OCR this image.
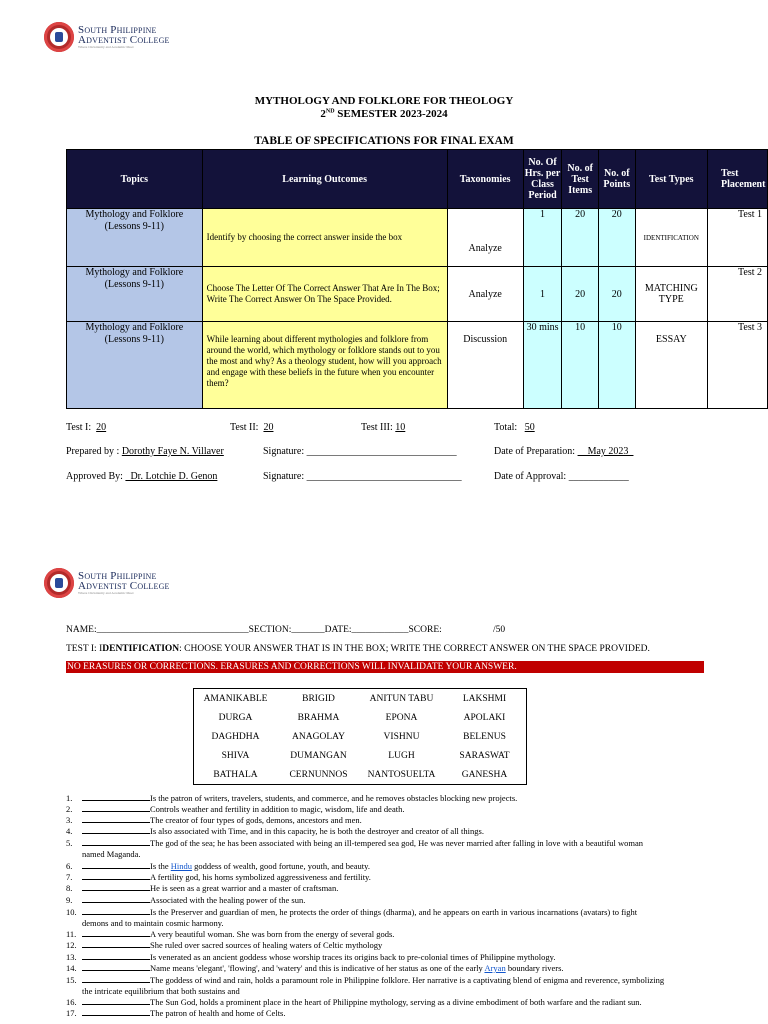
South Philippine
Adventist College
Where Christianity and Academic Meet
MYTHOLOGY AND FOLKLORE FOR THEOLOGY
2ND SEMESTER 2023-2024
TABLE OF SPECIFICATIONS FOR FINAL EXAM
Topics	Learning Outcomes	Taxonomies	No. Of Hrs. per Class Period	No. of Test Items	No. of Points	Test Types	Test Placement
Mythology and Folklore (Lessons 9-11)	Identify by choosing the correct answer inside the box	Analyze	1	20	20	IDENTIFICATION	Test 1
Mythology and Folklore (Lessons 9-11)	Choose The Letter Of The Correct Answer That Are In The Box; Write The Correct Answer On The Space Provided.	Analyze	1	20	20	MATCHING TYPE	Test 2
Mythology and Folklore (Lessons 9-11)	While learning about different mythologies and folklore from around the world, which mythology or folklore stands out to you the most and why? As a theology student, how will you approach and engage with these beliefs in the future when you encounter them?	Discussion	30 mins	10	10	ESSAY	Test 3
Test I: 20	Test II: 20	Test III: 10	Total: 50
Prepared by : Dorothy Faye N. Villaver	Signature: ______________________________	Date of Preparation: __May 2023_
Approved By: _Dr. Lotchie D. Genon	Signature: _______________________________	Date of Approval: ____________
South Philippine
Adventist College
Where Christianity and Academic Meet
NAME:________________________________SECTION:_______DATE:____________SCORE:	/50
TEST I: IDENTIFICATION: CHOOSE YOUR ANSWER THAT IS IN THE BOX; WRITE THE CORRECT ANSWER ON THE SPACE PROVIDED.
NO ERASURES OR CORRECTIONS. ERASURES AND CORRECTIONS WILL INVALIDATE YOUR ANSWER.
AMANIKABLE	BRIGID	ANITUN TABU	LAKSHMI
DURGA	BRAHMA	EPONA	APOLAKI
DAGHDHA	ANAGOLAY	VISHNU	BELENUS
SHIVA	DUMANGAN	LUGH	SARASWAT
BATHALA	CERNUNNOS	NANTOSUELTA	GANESHA
1.	Is the patron of writers, travelers, students, and commerce, and he removes obstacles blocking new projects.
2.	Controls weather and fertility in addition to magic, wisdom, life and death.
3.	The creator of four types of gods, demons, ancestors and men.
4.	Is also associated with Time, and in this capacity, he is both the destroyer and creator of all things.
5.	The god of the sea; he has been associated with being an ill-tempered sea god, He was never married after falling in love with a beautiful woman
named Maganda.
6.	Is the Hindu goddess of wealth, good fortune, youth, and beauty.
7.	A fertility god, his horns symbolized aggressiveness and fertility.
8.	He is seen as a great warrior and a master of craftsman.
9.	Associated with the healing power of the sun.
10.	Is the Preserver and guardian of men, he protects the order of things (dharma), and he appears on earth in various incarnations (avatars) to fight
demons and to maintain cosmic harmony.
11.	A very beautiful woman. She was born from the energy of several gods.
12.	She ruled over sacred sources of healing waters of Celtic mythology
13.	Is venerated as an ancient goddess whose worship traces its origins back to pre-colonial times of Philippine mythology.
14.	Name means 'elegant', 'flowing', and 'watery' and this is indicative of her status as one of the early Aryan boundary rivers.
15.	The goddess of wind and rain, holds a paramount role in Philippine folklore. Her narrative is a captivating blend of enigma and reverence, symbolizing
the intricate equilibrium that both sustains and
16.	The Sun God, holds a prominent place in the heart of Philippine mythology, serving as a divine embodiment of both warfare and the radiant sun.
17.	The patron of health and home of Celts.
